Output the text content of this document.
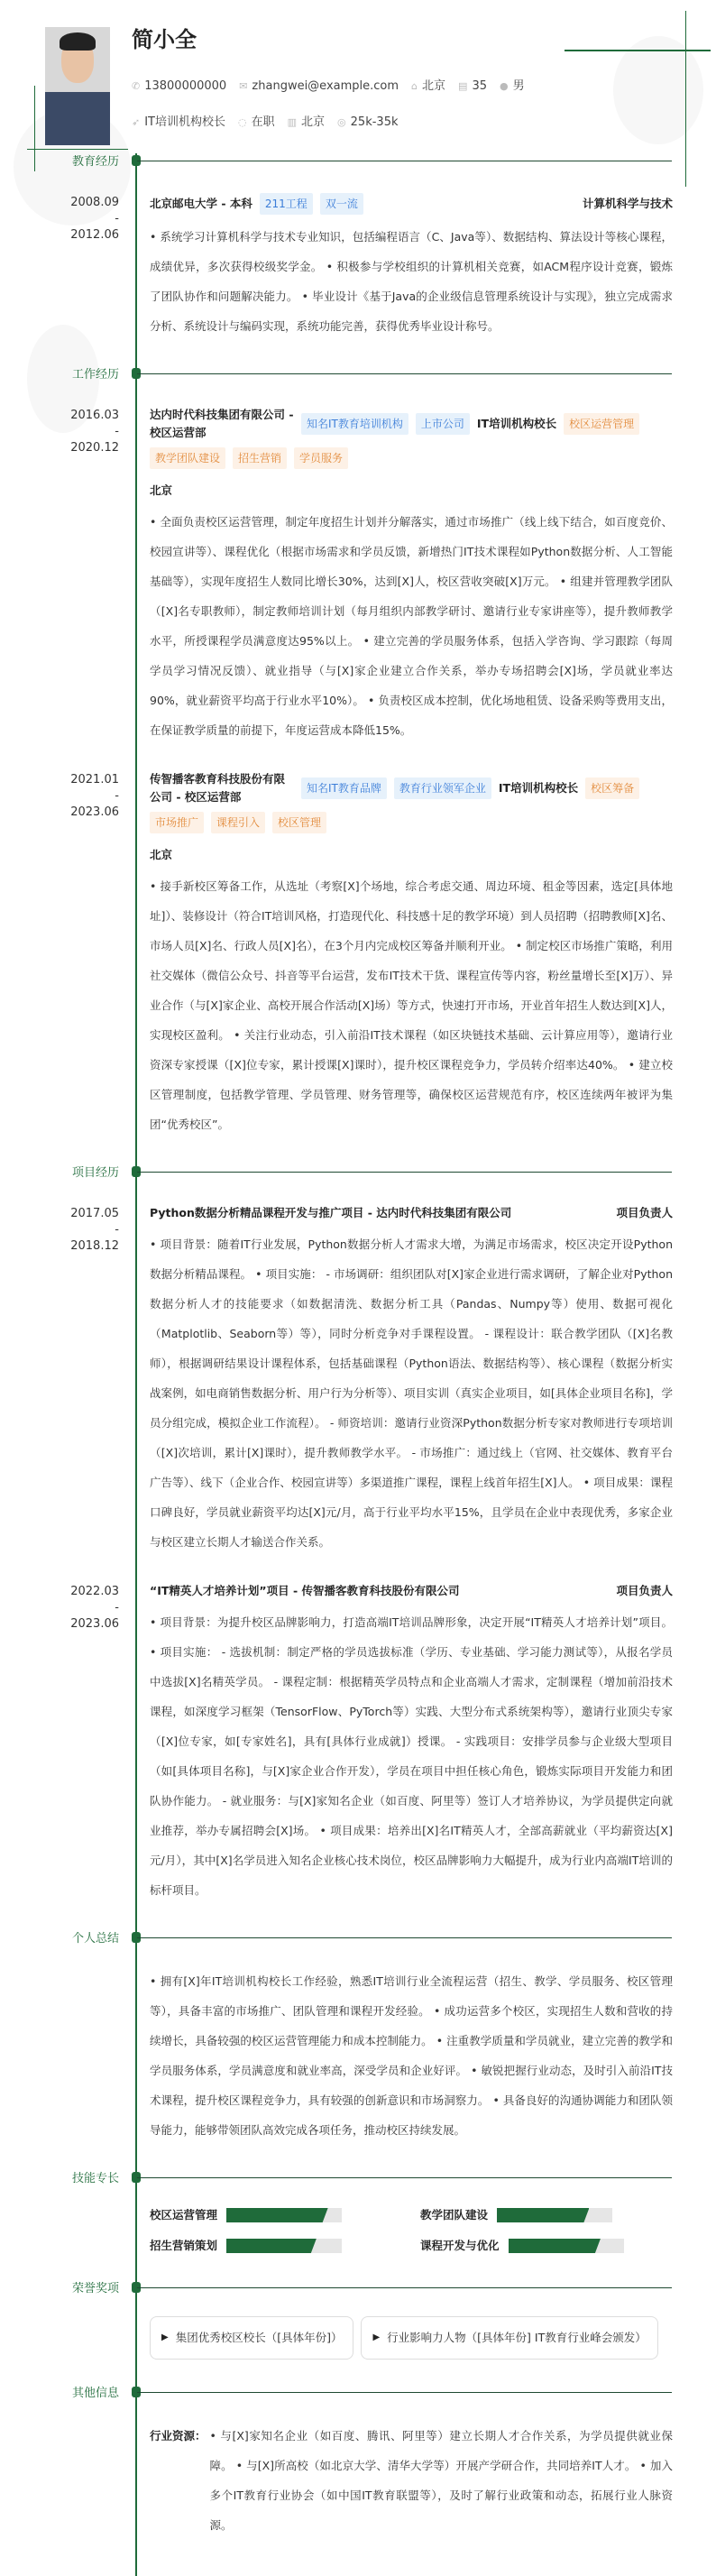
简小全
✆ 13800000000 ✉ zhangwei@example.com ⌂ 北京 ▤ 35 ● 男
➶ IT培训机构校长 ◌ 在职 ▥ 北京 ◎ 25k-35k
教育经历
2008.09
-
2012.06
北京邮电大学 - 本科	211工程	双一流	计算机科学与技术
• 系统学习计算机科学与技术专业知识，包括编程语言（C、Java等）、数据结构、算法设计等核心课程，成绩优异，多次获得校级奖学金。 • 积极参与学校组织的计算机相关竞赛，如ACM程序设计竞赛，锻炼了团队协作和问题解决能力。 • 毕业设计《基于Java的企业级信息管理系统设计与实现》，独立完成需求分析、系统设计与编码实现，系统功能完善，获得优秀毕业设计称号。
工作经历
2016.03
-
2020.12
达内时代科技集团有限公司 - 校区运营部
知名IT教育培训机构	上市公司	IT培训机构校长	校区运营管理
教学团队建设	招生营销	学员服务
北京
• 全面负责校区运营管理，制定年度招生计划并分解落实，通过市场推广（线上线下结合，如百度竞价、校园宣讲等）、课程优化（根据市场需求和学员反馈，新增热门IT技术课程如Python数据分析、人工智能基础等），实现年度招生人数同比增长30%，达到[X]人，校区营收突破[X]万元。 • 组建并管理教学团队（[X]名专职教师），制定教师培训计划（每月组织内部教学研讨、邀请行业专家讲座等），提升教师教学水平，所授课程学员满意度达95%以上。 • 建立完善的学员服务体系，包括入学咨询、学习跟踪（每周学员学习情况反馈）、就业指导（与[X]家企业建立合作关系，举办专场招聘会[X]场，学员就业率达90%，就业薪资平均高于行业水平10%）。 • 负责校区成本控制，优化场地租赁、设备采购等费用支出，在保证教学质量的前提下，年度运营成本降低15%。
2021.01
-
2023.06
传智播客教育科技股份有限公司 - 校区运营部
知名IT教育品牌	教育行业领军企业	IT培训机构校长	校区筹备
市场推广	课程引入	校区管理
北京
• 接手新校区筹备工作，从选址（考察[X]个场地，综合考虑交通、周边环境、租金等因素，选定[具体地址]）、装修设计（符合IT培训风格，打造现代化、科技感十足的教学环境）到人员招聘（招聘教师[X]名、市场人员[X]名、行政人员[X]名），在3个月内完成校区筹备并顺利开业。 • 制定校区市场推广策略，利用社交媒体（微信公众号、抖音等平台运营，发布IT技术干货、课程宣传等内容，粉丝量增长至[X]万）、异业合作（与[X]家企业、高校开展合作活动[X]场）等方式，快速打开市场，开业首年招生人数达到[X]人，实现校区盈利。 • 关注行业动态，引入前沿IT技术课程（如区块链技术基础、云计算应用等），邀请行业资深专家授课（[X]位专家，累计授课[X]课时），提升校区课程竞争力，学员转介绍率达40%。 • 建立校区管理制度，包括教学管理、学员管理、财务管理等，确保校区运营规范有序，校区连续两年被评为集团“优秀校区”。
项目经历
2017.05
-
2018.12
Python数据分析精品课程开发与推广项目 - 达内时代科技集团有限公司	项目负责人
• 项目背景：随着IT行业发展，Python数据分析人才需求大增，为满足市场需求，校区决定开设Python数据分析精品课程。 • 项目实施： - 市场调研：组织团队对[X]家企业进行需求调研，了解企业对Python数据分析人才的技能要求（如数据清洗、数据分析工具（Pandas、Numpy等）使用、数据可视化（Matplotlib、Seaborn等）等），同时分析竞争对手课程设置。 - 课程设计：联合教学团队（[X]名教师），根据调研结果设计课程体系，包括基础课程（Python语法、数据结构等）、核心课程（数据分析实战案例，如电商销售数据分析、用户行为分析等）、项目实训（真实企业项目，如[具体企业项目名称]，学员分组完成，模拟企业工作流程）。 - 师资培训：邀请行业资深Python数据分析专家对教师进行专项培训（[X]次培训，累计[X]课时），提升教师教学水平。 - 市场推广：通过线上（官网、社交媒体、教育平台广告等）、线下（企业合作、校园宣讲等）多渠道推广课程，课程上线首年招生[X]人。 • 项目成果：课程口碑良好，学员就业薪资平均达[X]元/月，高于行业平均水平15%，且学员在企业中表现优秀，多家企业与校区建立长期人才输送合作关系。
2022.03
-
2023.06
“IT精英人才培养计划”项目 - 传智播客教育科技股份有限公司	项目负责人
• 项目背景：为提升校区品牌影响力，打造高端IT培训品牌形象，决定开展“IT精英人才培养计划”项目。 • 项目实施： - 选拔机制：制定严格的学员选拔标准（学历、专业基础、学习能力测试等），从报名学员中选拔[X]名精英学员。 - 课程定制：根据精英学员特点和企业高端人才需求，定制课程（增加前沿技术课程，如深度学习框架（TensorFlow、PyTorch等）实践、大型分布式系统架构等），邀请行业顶尖专家（[X]位专家，如[专家姓名]，具有[具体行业成就]）授课。 - 实践项目：安排学员参与企业级大型项目（如[具体项目名称]，与[X]家企业合作开发），学员在项目中担任核心角色，锻炼实际项目开发能力和团队协作能力。 - 就业服务：与[X]家知名企业（如百度、阿里等）签订人才培养协议，为学员提供定向就业推荐，举办专属招聘会[X]场。 • 项目成果：培养出[X]名IT精英人才，全部高薪就业（平均薪资达[X]元/月），其中[X]名学员进入知名企业核心技术岗位，校区品牌影响力大幅提升，成为行业内高端IT培训的标杆项目。
个人总结
• 拥有[X]年IT培训机构校长工作经验，熟悉IT培训行业全流程运营（招生、教学、学员服务、校区管理等），具备丰富的市场推广、团队管理和课程开发经验。 • 成功运营多个校区，实现招生人数和营收的持续增长，具备较强的校区运营管理能力和成本控制能力。 • 注重教学质量和学员就业，建立完善的教学和学员服务体系，学员满意度和就业率高，深受学员和企业好评。 • 敏锐把握行业动态，及时引入前沿IT技术课程，提升校区课程竞争力，具有较强的创新意识和市场洞察力。 • 具备良好的沟通协调能力和团队领导能力，能够带领团队高效完成各项任务，推动校区持续发展。
技能专长
校区运营管理	教学团队建设
招生营销策划	课程开发与优化
荣誉奖项
▶ 集团优秀校区校长（[具体年份]）	▶ 行业影响力人物（[具体年份] IT教育行业峰会颁发）
其他信息
行业资源： • 与[X]家知名企业（如百度、腾讯、阿里等）建立长期人才合作关系，为学员提供就业保障。 • 与[X]所高校（如北京大学、清华大学等）开展产学研合作，共同培养IT人才。 • 加入多个IT教育行业协会（如中国IT教育联盟等），及时了解行业政策和动态，拓展行业人脉资源。
